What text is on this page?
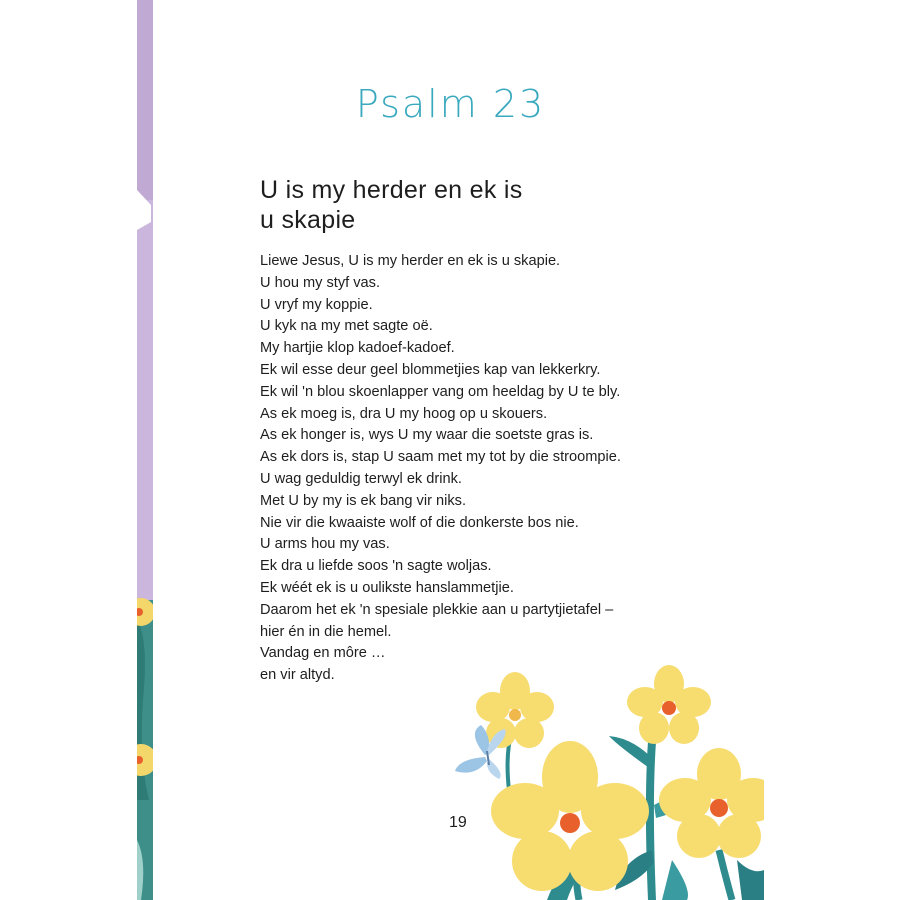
Psalm 23
U is my herder en ek is
u skapie
Liewe Jesus, U is my herder en ek is u skapie.
U hou my styf vas.
U vryf my koppie.
U kyk na my met sagte oë.
My hartjie klop kadoef-kadoef.
Ek wil esse deur geel blommetjies kap van lekkerkry.
Ek wil 'n blou skoenlapper vang om heeldag by U te bly.
As ek moeg is, dra U my hoog op u skouers.
As ek honger is, wys U my waar die soetste gras is.
As ek dors is, stap U saam met my tot by die stroompie.
U wag geduldig terwyl ek drink.
Met U by my is ek bang vir niks.
Nie vir die kwaaiste wolf of die donkerste bos nie.
U arms hou my vas.
Ek dra u liefde soos 'n sagte woljas.
Ek wéét ek is u oulikste hanslammetjie.
Daarom het ek 'n spesiale plekkie aan u partytjietafel –
hier én in die hemel.
Vandag en môre …
en vir altyd.
19
